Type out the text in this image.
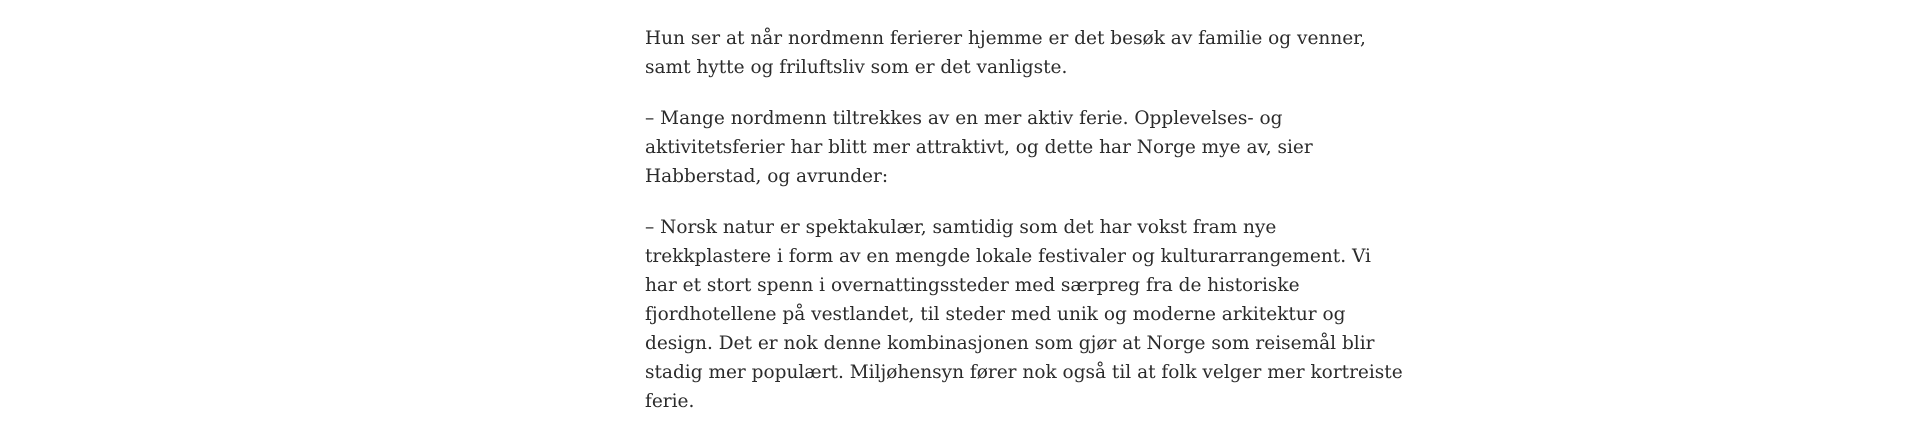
Hun ser at når nordmenn ferierer hjemme er det besøk av familie og venner,
samt hytte og friluftsliv som er det vanligste.

– Mange nordmenn tiltrekkes av en mer aktiv ferie. Opplevelses- og
aktivitetsferier har blitt mer attraktivt, og dette har Norge mye av, sier
Habberstad, og avrunder:

– Norsk natur er spektakulær, samtidig som det har vokst fram nye
trekkplastere i form av en mengde lokale festivaler og kulturarrangement. Vi
har et stort spenn i overnattingssteder med særpreg fra de historiske
fjordhotellene på vestlandet, til steder med unik og moderne arkitektur og
design. Det er nok denne kombinasjonen som gjør at Norge som reisemål blir
stadig mer populært. Miljøhensyn fører nok også til at folk velger mer kortreiste
ferie.
